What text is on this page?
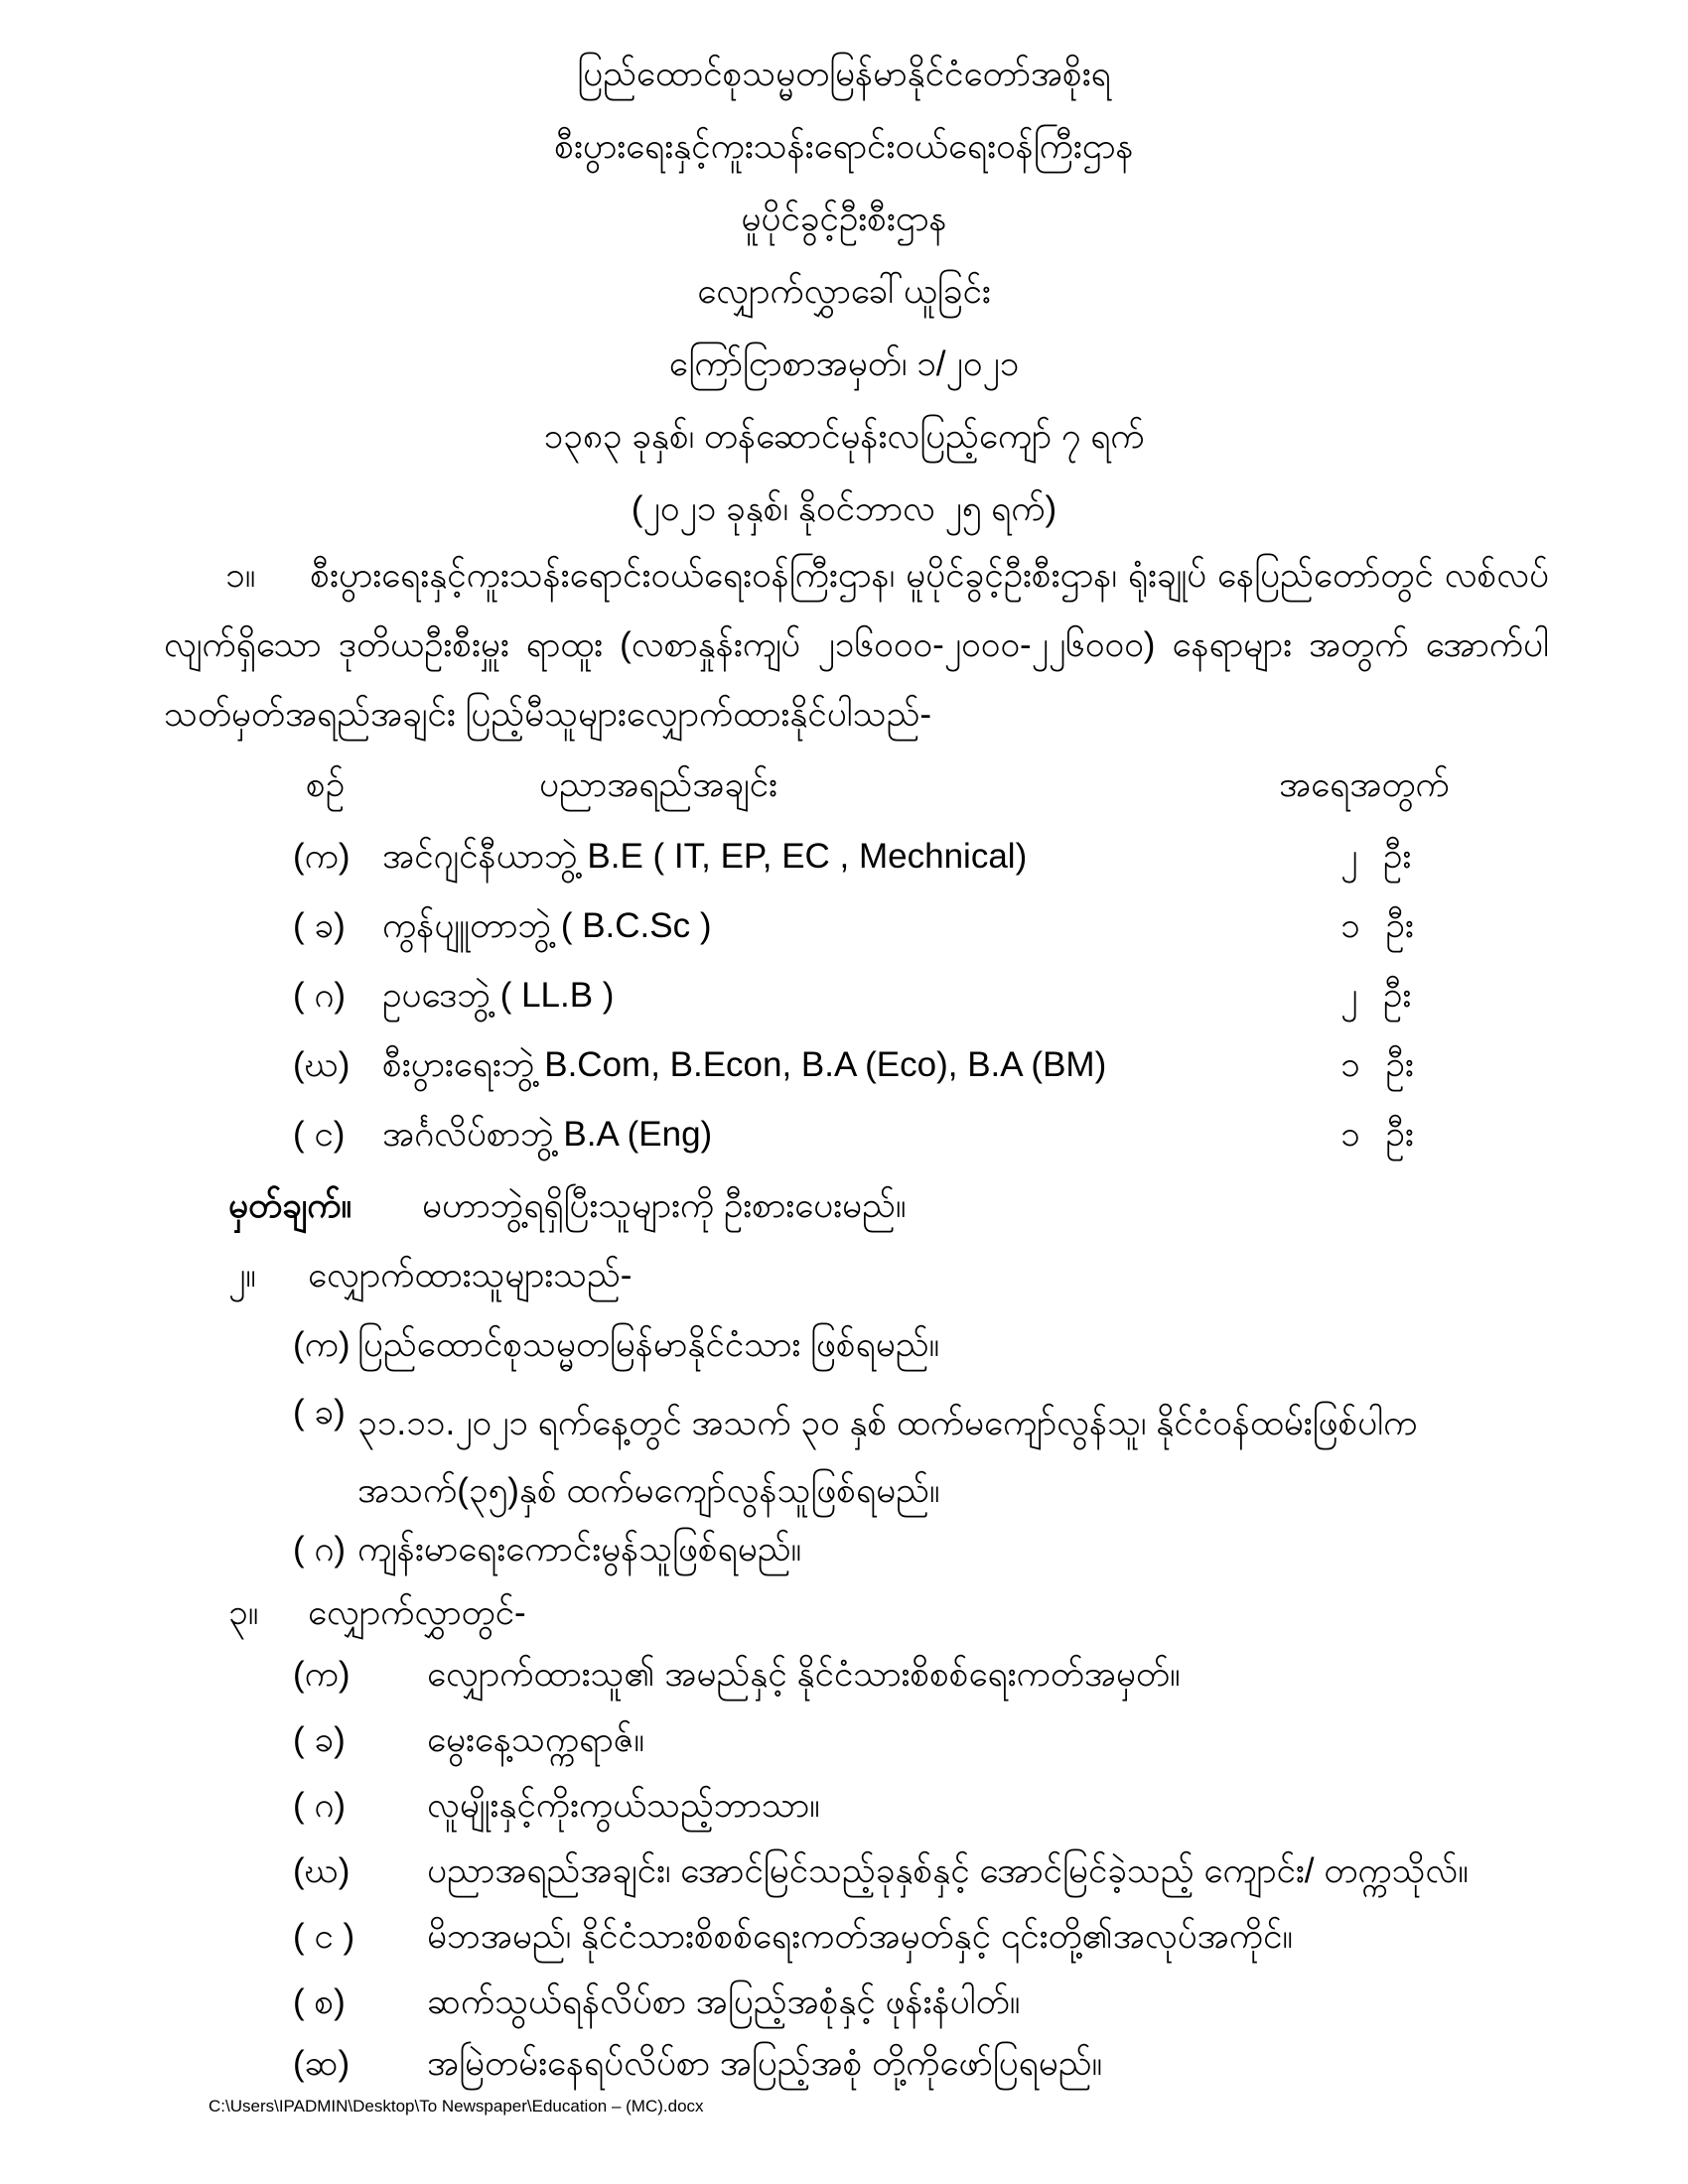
ပြည်ထောင်စုသမ္မတမြန်မာနိုင်ငံတော်အစိုးရ
စီးပွားရေးနှင့်ကူးသန်းရောင်းဝယ်ရေးဝန်ကြီးဌာန
မူပိုင်ခွင့်ဦးစီးဌာန
လျှောက်လွှာခေါ်ယူခြင်း
ကြော်ငြာစာအမှတ်၊ ၁/၂၀၂၁
၁၃၈၃ ခုနှစ်၊ တန်ဆောင်မုန်းလပြည့်ကျော် ၇ ရက်
(၂၀၂၁ ခုနှစ်၊ နိုဝင်ဘာလ ၂၅ ရက်)
၁။ စီးပွားရေးနှင့်ကူးသန်းရောင်းဝယ်ရေးဝန်ကြီးဌာန၊ မူပိုင်ခွင့်ဦးစီးဌာန၊ ရုံးချုပ် နေပြည်တော်တွင် လစ်လပ်လျက်ရှိသော ဒုတိယဦးစီးမှူး ရာထူး (လစာနှုန်းကျပ် ၂၁၆၀၀၀-၂၀၀၀-၂၂၆၀၀၀) နေရာများ အတွက် အောက်ပါ သတ်မှတ်အရည်အချင်း ပြည့်မီသူများလျှောက်ထားနိုင်ပါသည်-
စဉ်	ပညာအရည်အချင်း	အရေအတွက်
(က) အင်ဂျင်နီယာဘွဲ့ B.E ( IT, EP, EC , Mechnical)	၂ ဦး
( ခ) ကွန်ပျူတာဘွဲ့ ( B.C.Sc )	၁ ဦး
( ဂ) ဥပဒေဘွဲ့ ( LL.B )	၂ ဦး
(ဃ) စီးပွားရေးဘွဲ့ B.Com, B.Econ, B.A (Eco), B.A (BM)	၁ ဦး
( င) အင်္ဂလိပ်စာဘွဲ့ B.A (Eng)	၁ ဦး
မှတ်ချက်။ မဟာဘွဲ့ရရှိပြီးသူများကို ဦးစားပေးမည်။
၂။ လျှောက်ထားသူများသည်-
(က) ပြည်ထောင်စုသမ္မတမြန်မာနိုင်ငံသား ဖြစ်ရမည်။
( ခ) ၃၁.၁၁.၂၀၂၁ ရက်နေ့တွင် အသက် ၃၀ နှစ် ထက်မကျော်လွန်သူ၊ နိုင်ငံဝန်ထမ်းဖြစ်ပါက အသက်(၃၅)နှစ် ထက်မကျော်လွန်သူဖြစ်ရမည်။
( ဂ) ကျန်းမာရေးကောင်းမွန်သူဖြစ်ရမည်။
၃။ လျှောက်လွှာတွင်-
(က) လျှောက်ထားသူ၏ အမည်နှင့် နိုင်ငံသားစိစစ်ရေးကတ်အမှတ်။
( ခ) မွေးနေ့သက္ကရာဇ်။
( ဂ) လူမျိုးနှင့်ကိုးကွယ်သည့်ဘာသာ။
(ဃ) ပညာအရည်အချင်း၊ အောင်မြင်သည့်ခုနှစ်နှင့် အောင်မြင်ခဲ့သည့် ကျောင်း/ တက္ကသိုလ်။
( င ) မိဘအမည်၊ နိုင်ငံသားစိစစ်ရေးကတ်အမှတ်နှင့် ၎င်းတို့၏အလုပ်အကိုင်။
( စ) ဆက်သွယ်ရန်လိပ်စာ အပြည့်အစုံနှင့် ဖုန်းနံပါတ်။
(ဆ) အမြဲတမ်းနေရပ်လိပ်စာ အပြည့်အစုံ တို့ကိုဖော်ပြရမည်။
C:\Users\IPADMIN\Desktop\To Newspaper\Education – (MC).docx
